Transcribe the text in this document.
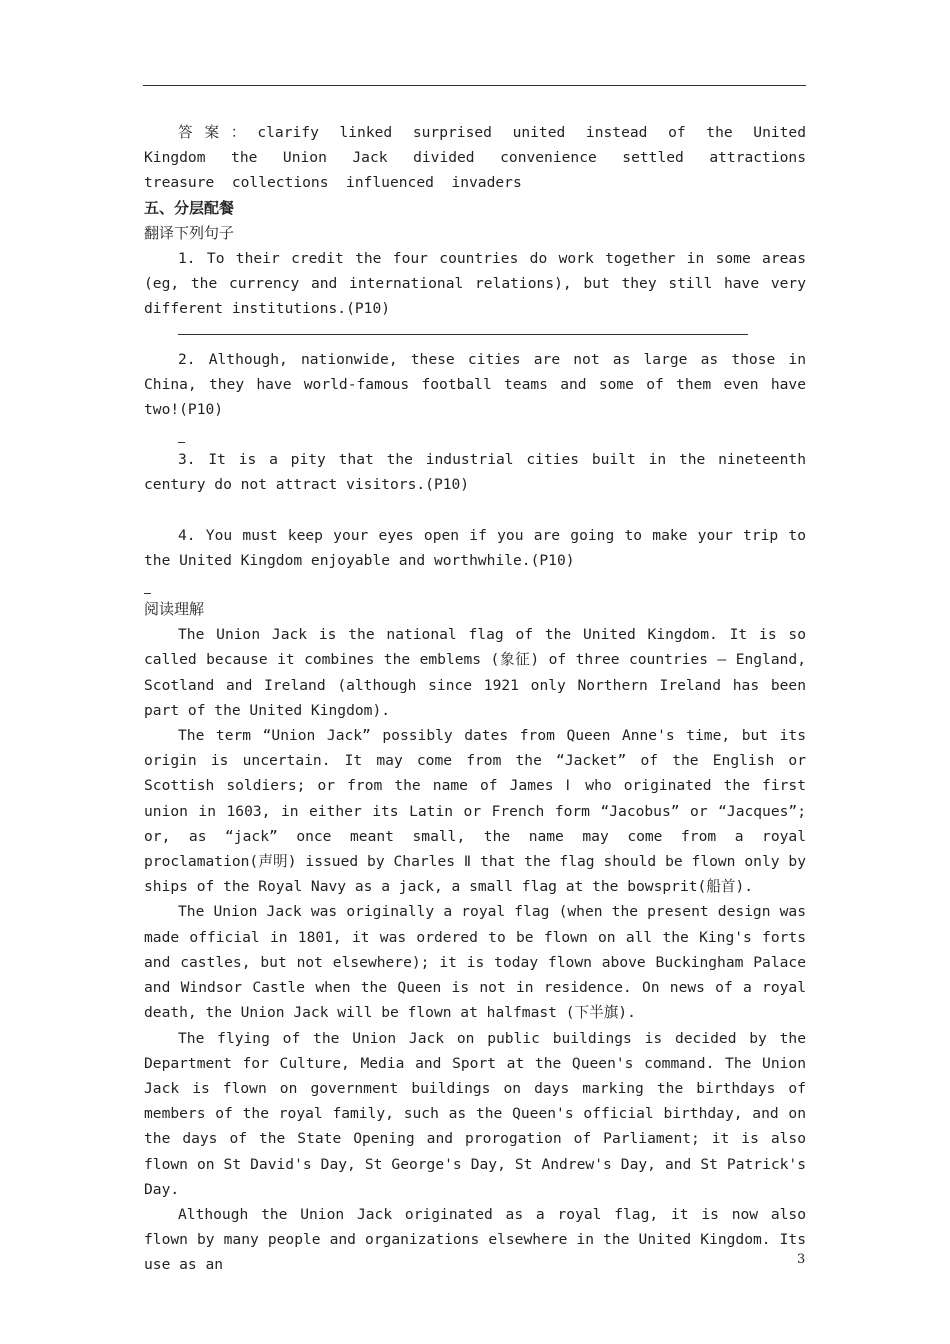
答案：clarify linked surprised united instead of the United

Kingdom the Union Jack divided convenience settled attractions

treasure collections influenced invaders

五、分层配餐

翻译下列句子

1. To their credit the four countries do work together in some areas (eg, the currency and international relations), but they still have very different institutions.(P10)

2. Although, nationwide, these cities are not as large as those in China, they have world-famous football teams and some of them even have two!(P10)

3. It is a pity that the industrial cities built in the nineteenth century do not attract visitors.(P10)

4. You must keep your eyes open if you are going to make your trip to the United Kingdom enjoyable and worthwhile.(P10)

阅读理解

The Union Jack is the national flag of the United Kingdom. It is so called because it combines the emblems (象征) of three countries — England, Scotland and Ireland (although since 1921 only Northern Ireland has been part of the United Kingdom).

The term “Union Jack” possibly dates from Queen Anne's time, but its origin is uncertain. It may come from the “Jacket” of the English or Scottish soldiers; or from the name of James Ⅰ who originated the first union in 1603, in either its Latin or French form “Jacobus” or “Jacques”; or, as “jack” once meant small, the name may come from a royal proclamation(声明) issued by Charles Ⅱ that the flag should be flown only by ships of the Royal Navy as a jack, a small flag at the bowsprit(船首).

The Union Jack was originally a royal flag (when the present design was made official in 1801, it was ordered to be flown on all the King's forts and castles, but not elsewhere); it is today flown above Buckingham Palace and Windsor Castle when the Queen is not in residence. On news of a royal death, the Union Jack will be flown at halfmast (下半旗).

The flying of the Union Jack on public buildings is decided by the Department for Culture, Media and Sport at the Queen's command. The Union Jack is flown on government buildings on days marking the birthdays of members of the royal family, such as the Queen's official birthday, and on the days of the State Opening and prorogation of Parliament; it is also flown on St David's Day, St George's Day, St Andrew's Day, and St Patrick's Day.

Although the Union Jack originated as a royal flag, it is now also flown by many people and organizations elsewhere in the United Kingdom. Its use as an	3
